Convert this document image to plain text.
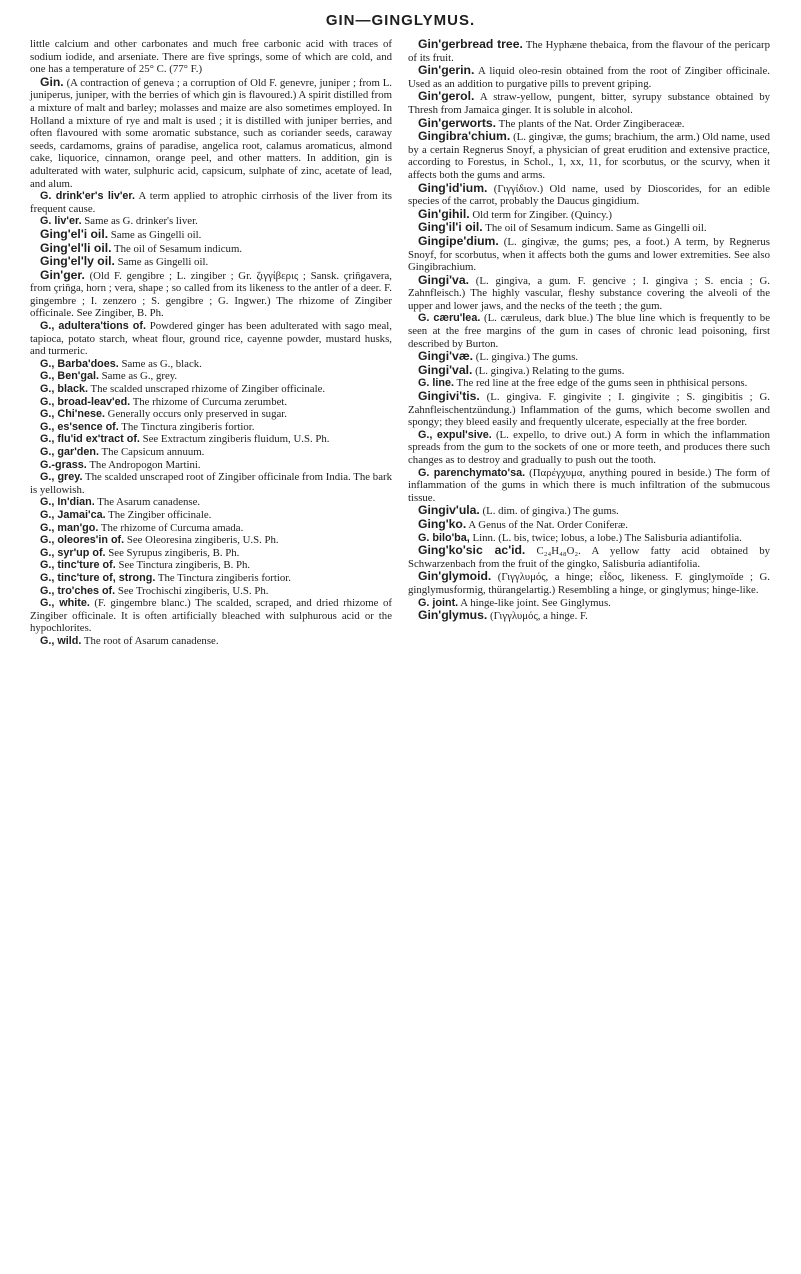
GIN—GINGLYMUS.

little calcium and other carbonates and much free carbonic acid with traces of sodium iodide, and arseniate. There are five springs, some of which are cold, and one has a temperature of 25° C. (77° F.)

Gin. (A contraction of geneva ; a corruption of Old F. genevre, juniper ; from L. juniperus, juniper, with the berries of which gin is flavoured.) A spirit distilled from a mixture of malt and barley; molasses and maize are also sometimes employed. In Holland a mixture of rye and malt is used ; it is distilled with juniper berries, and often flavoured with some aromatic substance, such as coriander seeds, caraway seeds, cardamoms, grains of paradise, angelica root, calamus aromaticus, almond cake, liquorice, cinnamon, orange peel, and other matters. In addition, gin is adulterated with water, sulphuric acid, capsicum, sulphate of zinc, acetate of lead, and alum.

G. drink'er's liv'er. A term applied to atrophic cirrhosis of the liver from its frequent cause.

G. liv'er. Same as G. drinker's liver.

Ging'el'i oil. Same as Gingelli oil.

Ging'el'li oil. The oil of Sesamum indicum.

Ging'el'ly oil. Same as Gingelli oil.

Gin'ger. (Old F. gengibre ; L. zingiber ; Gr. ζιγγίβερις ; Sansk. çrin̄gavera, from çrin̄ga, horn ; vera, shape ; so called from its likeness to the antler of a deer. F. gingembre ; I. zenzero ; S. gengibre ; G. Ingwer.) The rhizome of Zingiber officinale. See Zingiber, B. Ph.

G., adultera'tions of. Powdered ginger has been adulterated with sago meal, tapioca, potato starch, wheat flour, ground rice, cayenne powder, mustard husks, and turmeric.

G., Barba'does. Same as G., black.

G., Ben'gal. Same as G., grey.

G., black. The scalded unscraped rhizome of Zingiber officinale.

G., broad-leav'ed. The rhizome of Curcuma zerumbet.

G., Chi'nese. Generally occurs only preserved in sugar.

G., es'sence of. The Tinctura zingiberis fortior.

G., flu'id ex'tract of. See Extractum zingiberis fluidum, U.S. Ph.

G., gar'den. The Capsicum annuum.

G.-grass. The Andropogon Martini.

G., grey. The scalded unscraped root of Zingiber officinale from India. The bark is yellowish.

G., In'dian. The Asarum canadense.

G., Jamai'ca. The Zingiber officinale.

G., man'go. The rhizome of Curcuma amada.

G., oleores'in of. See Oleoresina zingiberis, U.S. Ph.

G., syr'up of. See Syrupus zingiberis, B. Ph.

G., tinc'ture of. See Tinctura zingiberis, B. Ph.

G., tinc'ture of, strong. The Tinctura zingiberis fortior.

G., tro'ches of. See Trochischi zingiberis, U.S. Ph.

G., white. (F. gingembre blanc.) The scalded, scraped, and dried rhizome of Zingiber officinale. It is often artificially bleached with sulphurous acid or the hypochlorites.

G., wild. The root of Asarum canadense.

Gin'gerbread tree. The Hyphæne thebaica, from the flavour of the pericarp of its fruit.

Gin'gerin. A liquid oleo-resin obtained from the root of Zingiber officinale. Used as an addition to purgative pills to prevent griping.

Gin'gerol. A straw-yellow, pungent, bitter, syrupy substance obtained by Thresh from Jamaica ginger. It is soluble in alcohol.

Gin'gerworts. The plants of the Nat. Order Zingiberaceæ.

Gingibra'chium. (L. gingivæ, the gums; brachium, the arm.) Old name, used by a certain Regnerus Snoyf, a physician of great erudition and extensive practice, according to Forestus, in Schol., 1, xx, 11, for scorbutus, or the scurvy, when it affects both the gums and arms.

Ging'id'ium. (Γιγγίδιον.) Old name, used by Dioscorides, for an edible species of the carrot, probably the Daucus gingidium.

Gin'gihil. Old term for Zingiber. (Quincy.)

Ging'il'i oil. The oil of Sesamum indicum. Same as Gingelli oil.

Gingipe'dium. (L. gingivæ, the gums; pes, a foot.) A term, by Regnerus Snoyf, for scorbutus, when it affects both the gums and lower extremities. See also Gingibrachium.

Gingi'va. (L. gingiva, a gum. F. gencive ; I. gingiva ; S. encia ; G. Zahnfleisch.) The highly vascular, fleshy substance covering the alveoli of the upper and lower jaws, and the necks of the teeth ; the gum.

G. cæru'lea. (L. cæruleus, dark blue.) The blue line which is frequently to be seen at the free margins of the gum in cases of chronic lead poisoning, first described by Burton.

Gingi'væ. (L. gingiva.) The gums.

Gingi'val. (L. gingiva.) Relating to the gums.

G. line. The red line at the free edge of the gums seen in phthisical persons.

Gingivi'tis. (L. gingiva. F. gingivite ; I. gingivite ; S. gingibitis ; G. Zahnfleischentzündung.) Inflammation of the gums, which become swollen and spongy; they bleed easily and frequently ulcerate, especially at the free border.

G., expul'sive. (L. expello, to drive out.) A form in which the inflammation spreads from the gum to the sockets of one or more teeth, and produces there such changes as to destroy and gradually to push out the tooth.

G. parenchymato'sa. (Παρέγχυμα, anything poured in beside.) The form of inflammation of the gums in which there is much infiltration of the submucous tissue.

Gingiv'ula. (L. dim. of gingiva.) The gums.

Ging'ko. A Genus of the Nat. Order Coniferæ.

G. bilo'ba, Linn. (L. bis, twice; lobus, a lobe.) The Salisburia adiantifolia.

Ging'ko'sic ac'id. C₂₄H₄₈O₂. A yellow fatty acid obtained by Schwarzenbach from the fruit of the gingko, Salisburia adiantifolia.

Gin'glymoid. (Γιγγλυμός, a hinge; εἶδος, likeness. F. ginglymoïde ; G. ginglymusformig, thürangelartig.) Resembling a hinge, or ginglymus; hinge-like.

G. joint. A hinge-like joint. See Ginglymus.

Gin'glymus. (Γιγγλυμός, a hinge. F.
